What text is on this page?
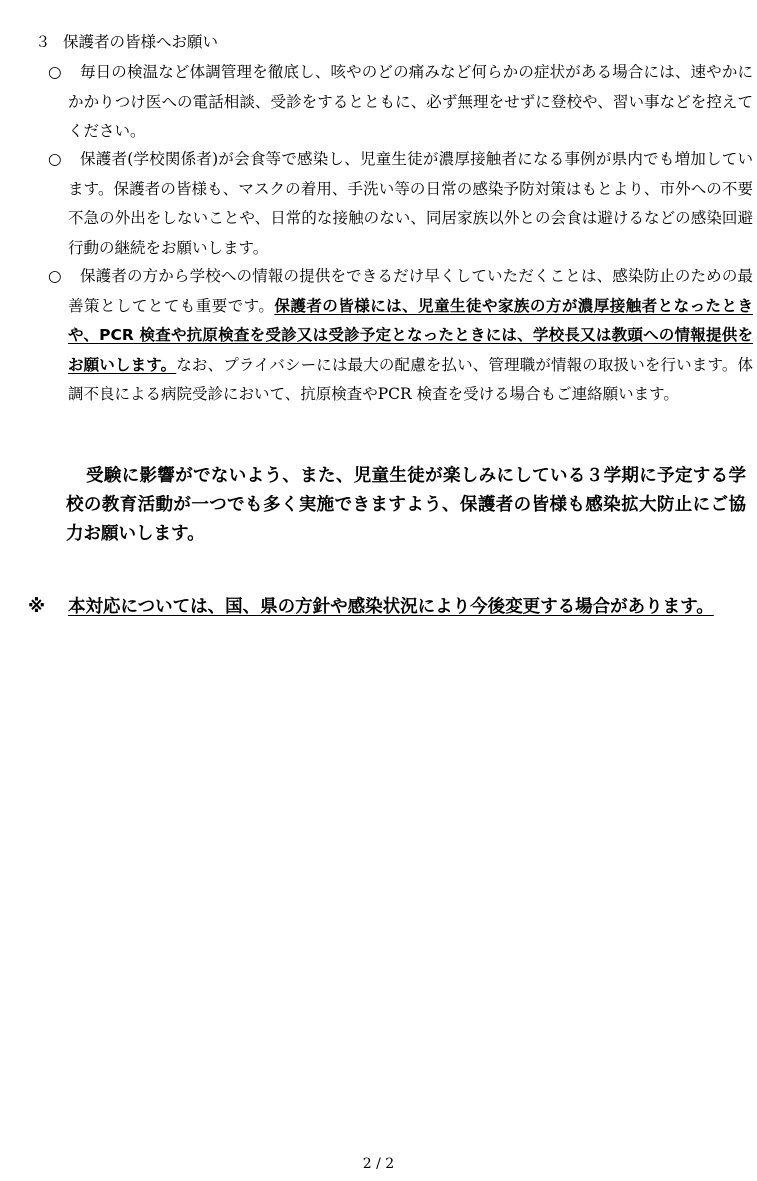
３ 保護者の皆様へお願い
○	毎日の検温など体調管理を徹底し、咳やのどの痛みなど何らかの症状がある場合には、速やかにかかりつけ医への電話相談、受診をするとともに、必ず無理をせずに登校や、習い事などを控えてください。
○	保護者(学校関係者)が会食等で感染し、児童生徒が濃厚接触者になる事例が県内でも増加しています。保護者の皆様も、マスクの着用、手洗い等の日常の感染予防対策はもとより、市外への不要不急の外出をしないことや、日常的な接触のない、同居家族以外との会食は避けるなどの感染回避行動の継続をお願いします。
○	保護者の方から学校への情報の提供をできるだけ早くしていただくことは、感染防止のための最善策としてとても重要です。保護者の皆様には、児童生徒や家族の方が濃厚接触者となったときや、PCR 検査や抗原検査を受診又は受診予定となったときには、学校長又は教頭への情報提供をお願いします。なお、プライバシーには最大の配慮を払い、管理職が情報の取扱いを行います。体調不良による病院受診において、抗原検査やPCR 検査を受ける場合もご連絡願います。
受験に影響がでないよう、また、児童生徒が楽しみにしている３学期に予定する学校の教育活動が一つでも多く実施できますよう、保護者の皆様も感染拡大防止にご協力お願いします。
※	本対応については、国、県の方針や感染状況により今後変更する場合があります。
2 / 2
